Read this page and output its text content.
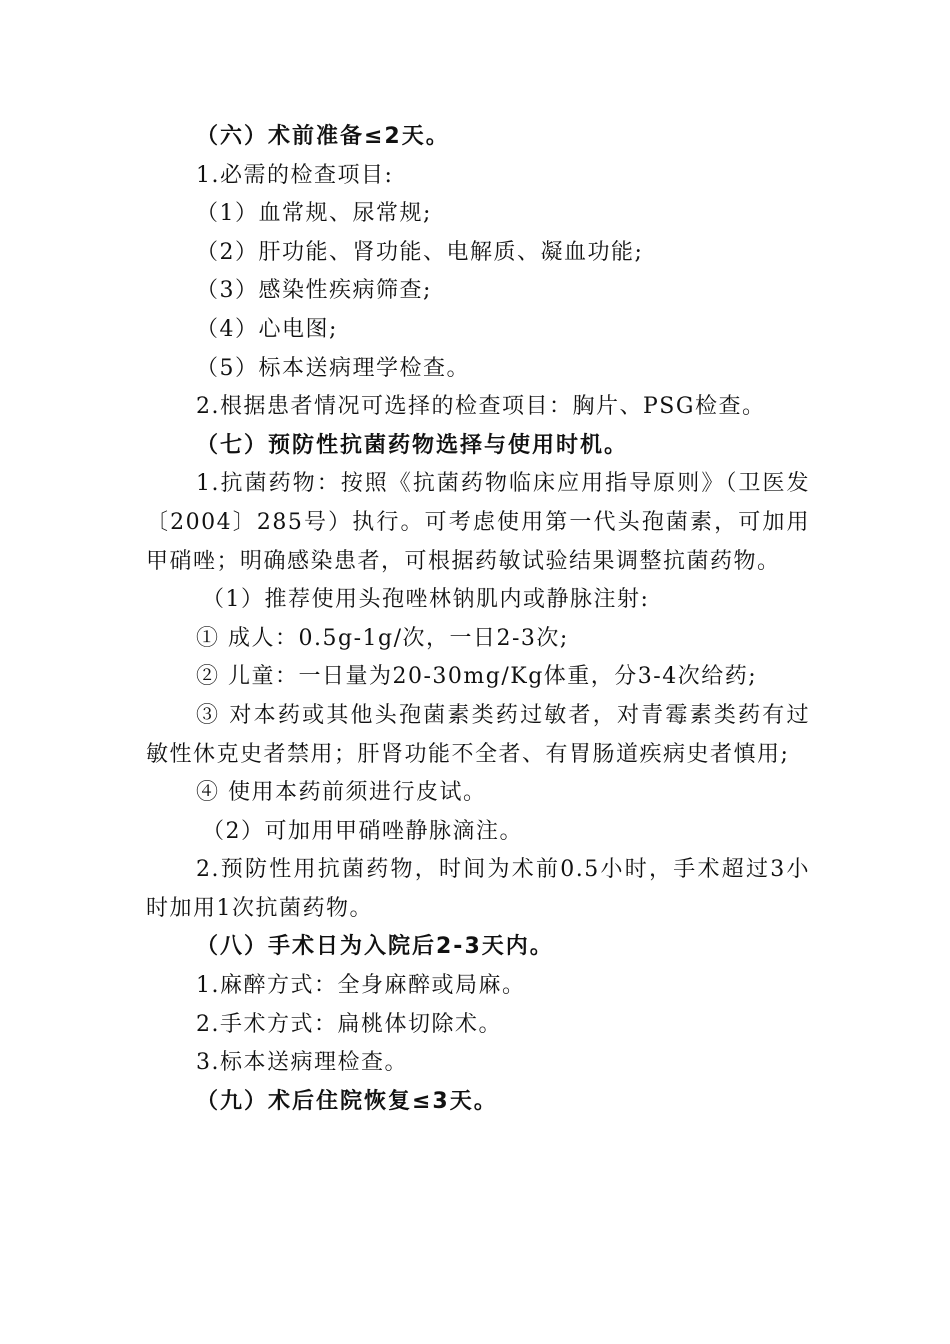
（六）术前准备≤2天。
1.必需的检查项目:
（1）血常规、尿常规;
（2）肝功能、肾功能、电解质、凝血功能;
（3）感染性疾病筛查;
（4）心电图;
（5）标本送病理学检查。
2.根据患者情况可选择的检查项目：胸片、PSG检查。
（七）预防性抗菌药物选择与使用时机。
1.抗菌药物：按照《抗菌药物临床应用指导原则》（卫医发〔2004〕285号）执行。可考虑使用第一代头孢菌素，可加用甲硝唑；明确感染患者，可根据药敏试验结果调整抗菌药物。
（1）推荐使用头孢唑林钠肌内或静脉注射:
① 成人：0.5g-1g/次，一日2-3次;
② 儿童：一日量为20-30mg/Kg体重，分3-4次给药;
③ 对本药或其他头孢菌素类药过敏者，对青霉素类药有过敏性休克史者禁用；肝肾功能不全者、有胃肠道疾病史者慎用;
④ 使用本药前须进行皮试。
（2）可加用甲硝唑静脉滴注。
2.预防性用抗菌药物，时间为术前0.5小时，手术超过3小时加用1次抗菌药物。
（八）手术日为入院后2-3天内。
1.麻醉方式：全身麻醉或局麻。
2.手术方式：扁桃体切除术。
3.标本送病理检查。
（九）术后住院恢复≤3天。
